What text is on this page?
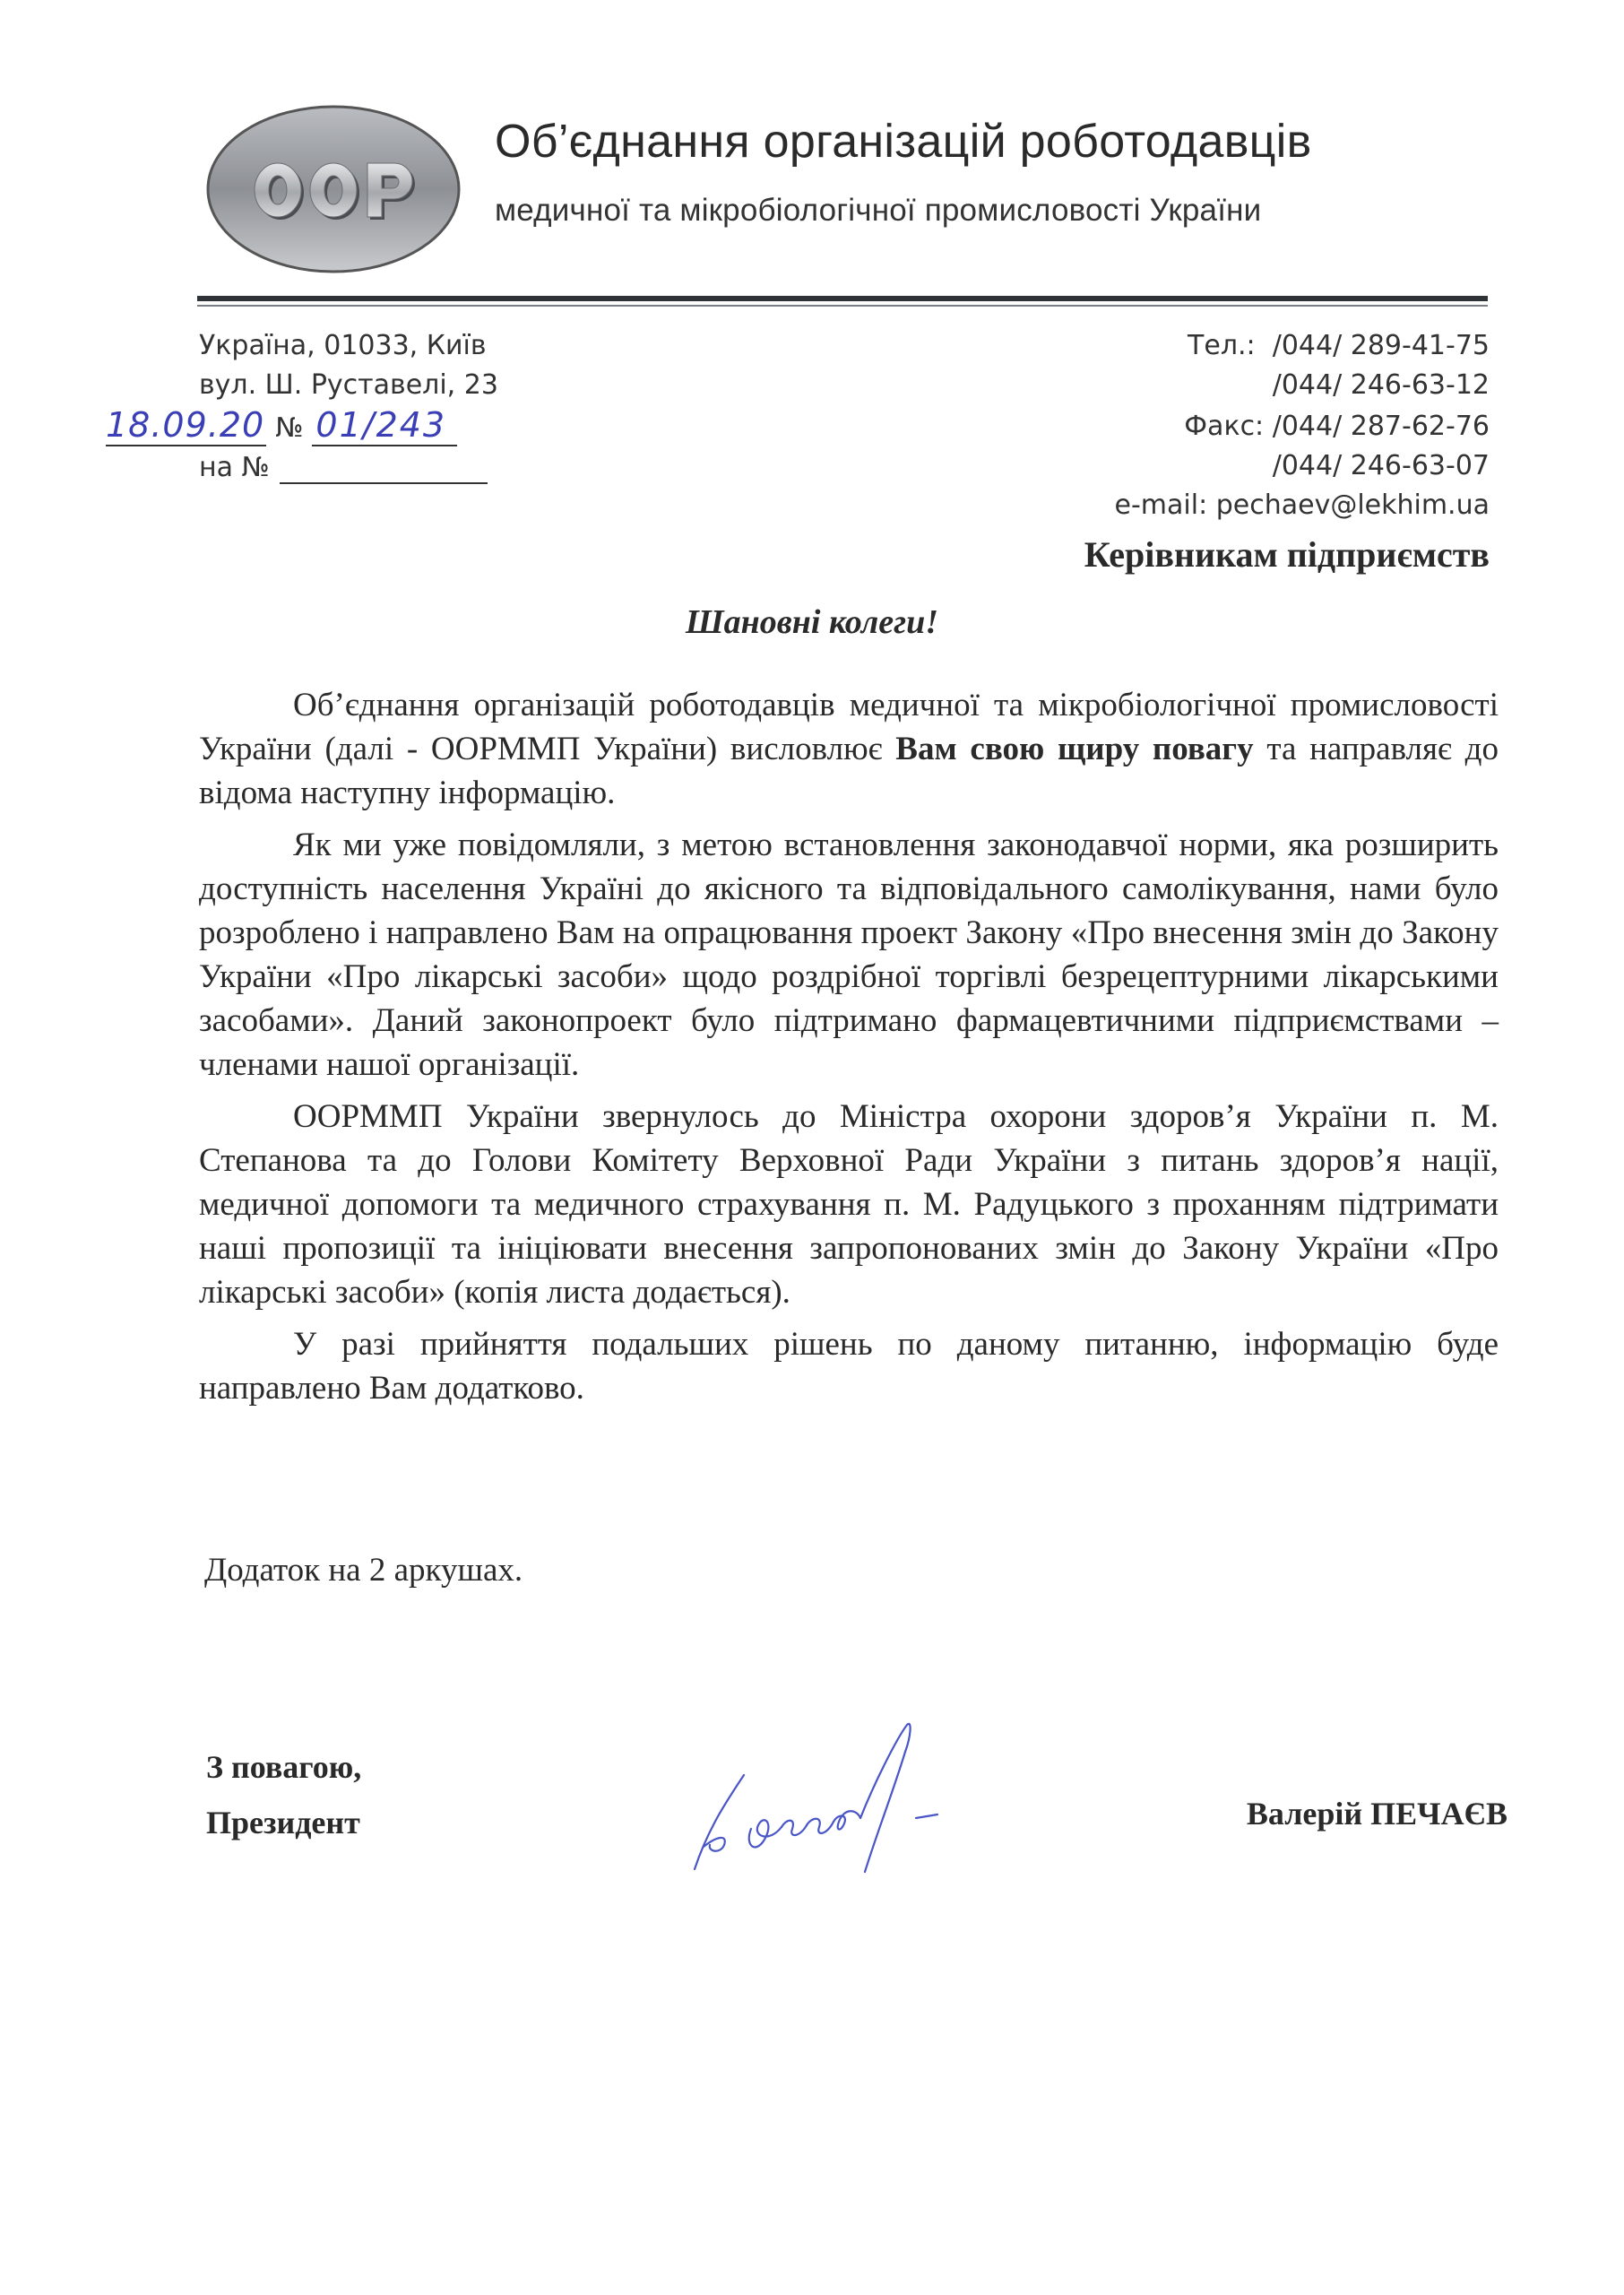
Об’єднання організацій роботодавців
медичної та мікробіологічної промисловості України
Україна, 01033, Київ
вул. Ш. Руставелі, 23
18.09.20 № 01/243
на №
Тел.: /044/ 289-41-75
/044/ 246-63-12
Факс: /044/ 287-62-76
/044/ 246-63-07
e-mail: pechaev@lekhim.ua
Керівникам підприємств
Шановні колеги!

Об’єднання організацій роботодавців медичної та мікробіологічної промисловості України (далі - ООРММП України) висловлює Вам свою щиру повагу та направляє до відома наступну інформацію.

Як ми уже повідомляли, з метою встановлення законодавчої норми, яка розширить доступність населення Україні до якісного та відповідального самолікування, нами було розроблено і направлено Вам на опрацювання проект Закону «Про внесення змін до Закону України «Про лікарські засоби» щодо роздрібної торгівлі безрецептурними лікарськими засобами». Даний законопроект було підтримано фармацевтичними підприємствами – членами нашої організації.

ООРММП України звернулось до Міністра охорони здоров’я України п. М. Степанова та до Голови Комітету Верховної Ради України з питань здоров’я нації, медичної допомоги та медичного страхування п. М. Радуцького з проханням підтримати наші пропозиції та ініціювати внесення запропонованих змін до Закону України «Про лікарські засоби» (копія листа додається).

У разі прийняття подальших рішень по даному питанню, інформацію буде направлено Вам додатково.

Додаток на 2 аркушах.
З повагою,
Президент	Валерій ПЕЧАЄВ
